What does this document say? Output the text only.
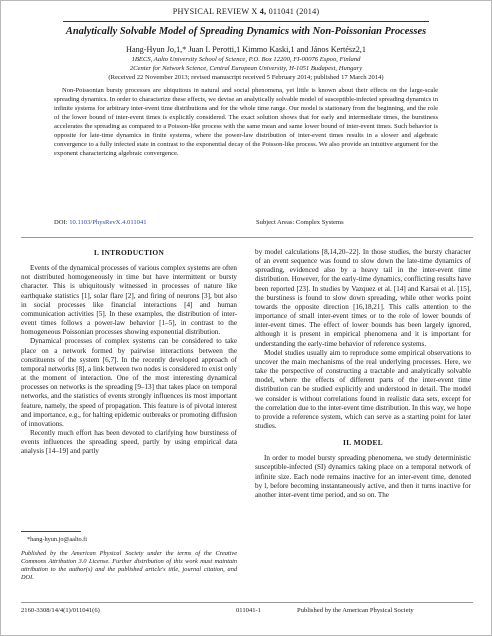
PHYSICAL REVIEW X 4, 011041 (2014)
Analytically Solvable Model of Spreading Dynamics with Non-Poissonian Processes
Hang-Hyun Jo,1,* Juan I. Perotti,1 Kimmo Kaski,1 and János Kertész2,1
1BECS, Aalto University School of Science, P.O. Box 12200, FI-00076 Espoo, Finland
2Center for Network Science, Central European University, H-1051 Budapest, Hungary
(Received 22 November 2013; revised manuscript received 5 February 2014; published 17 March 2014)
Non-Poissonian bursty processes are ubiquitous in natural and social phenomena, yet little is known about their effects on the large-scale spreading dynamics. In order to characterize these effects, we devise an analytically solvable model of susceptible-infected spreading dynamics in infinite systems for arbitrary inter-event time distributions and for the whole time range. Our model is stationary from the beginning, and the role of the lower bound of inter-event times is explicitly considered. The exact solution shows that for early and intermediate times, the burstiness accelerates the spreading as compared to a Poisson-like process with the same mean and same lower bound of inter-event times. Such behavior is opposite for late-time dynamics in finite systems, where the power-law distribution of inter-event times results in a slower and algebraic convergence to a fully infected state in contrast to the exponential decay of the Poisson-like process. We also provide an intuitive argument for the exponent characterizing algebraic convergence.
DOI: 10.1103/PhysRevX.4.011041	Subject Areas: Complex Systems
I. INTRODUCTION

Events of the dynamical processes of various complex systems are often not distributed homogeneously in time but have intermittent or bursty character. This is ubiquitously witnessed in processes of nature like earthquake statistics [1], solar flare [2], and firing of neurons [3], but also in social processes like financial interactions [4] and human communication activities [5]. In these examples, the distribution of inter-event times follows a power-law behavior [1–5], in contrast to the homogeneous Poissonian processes showing exponential distribution.

Dynamical processes of complex systems can be considered to take place on a network formed by pairwise interactions between the constituents of the system [6,7]. In the recently developed approach of temporal networks [8], a link between two nodes is considered to exist only at the moment of interaction. One of the most interesting dynamical processes on networks is the spreading [9–13] that takes place on temporal networks, and the statistics of events strongly influences its most important feature, namely, the speed of propagation. This feature is of pivotal interest and importance, e.g., for halting epidemic outbreaks or promoting diffusion of innovations.

Recently much effort has been devoted to clarifying how burstiness of events influences the spreading speed, partly by using empirical data analysis [14–19] and partly

by model calculations [8,14,20–22]. In those studies, the bursty character of an event sequence was found to slow down the late-time dynamics of spreading, evidenced also by a heavy tail in the inter-event time distribution. However, for the early-time dynamics, conflicting results have been reported [23]. In studies by Vazquez et al. [14] and Karsai et al. [15], the burstiness is found to slow down spreading, while other works point towards the opposite direction [16,18,21]. This calls attention to the importance of small inter-event times or to the role of lower bounds of inter-event times. The effect of lower bounds has been largely ignored, although it is present in empirical phenomena and it is important for understanding the early-time behavior of reference systems.

Model studies usually aim to reproduce some empirical observations to uncover the main mechanisms of the real underlying processes. Here, we take the perspective of constructing a tractable and analytically solvable model, where the effects of different parts of the inter-event time distribution can be studied explicitly and understood in detail. The model we consider is without correlations found in realistic data sets, except for the correlation due to the inter-event time distribution. In this way, we hope to provide a reference system, which can serve as a starting point for later studies.

II. MODEL

In order to model bursty spreading phenomena, we study deterministic susceptible-infected (SI) dynamics taking place on a temporal network of infinite size. Each node remains inactive for an inter-event time, denoted by l, before becoming instantaneously active, and then it turns inactive for another inter-event time period, and so on. The

*hang-hyun.jo@aalto.fi
Published by the American Physical Society under the terms of the Creative Commons Attribution 3.0 License. Further distribution of this work must maintain attribution to the author(s) and the published article's title, journal citation, and DOI.
2160-3308/14/4(1)/011041(6)	011041-1	Published by the American Physical Society
